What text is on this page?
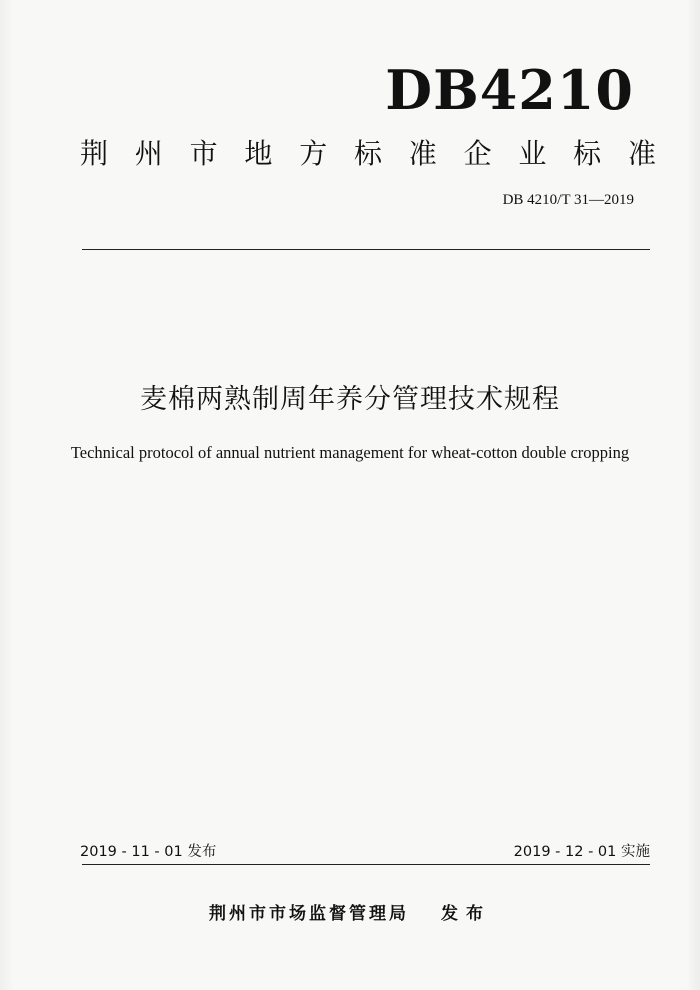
DB4210
荆 州 市 地 方 标 准 企 业 标 准
DB 4210/T 31—2019
麦棉两熟制周年养分管理技术规程
Technical protocol of annual nutrient management for wheat-cotton double cropping
2019 - 11 - 01 发布	2019 - 12 - 01 实施
荆州市市场监督管理局 发布
